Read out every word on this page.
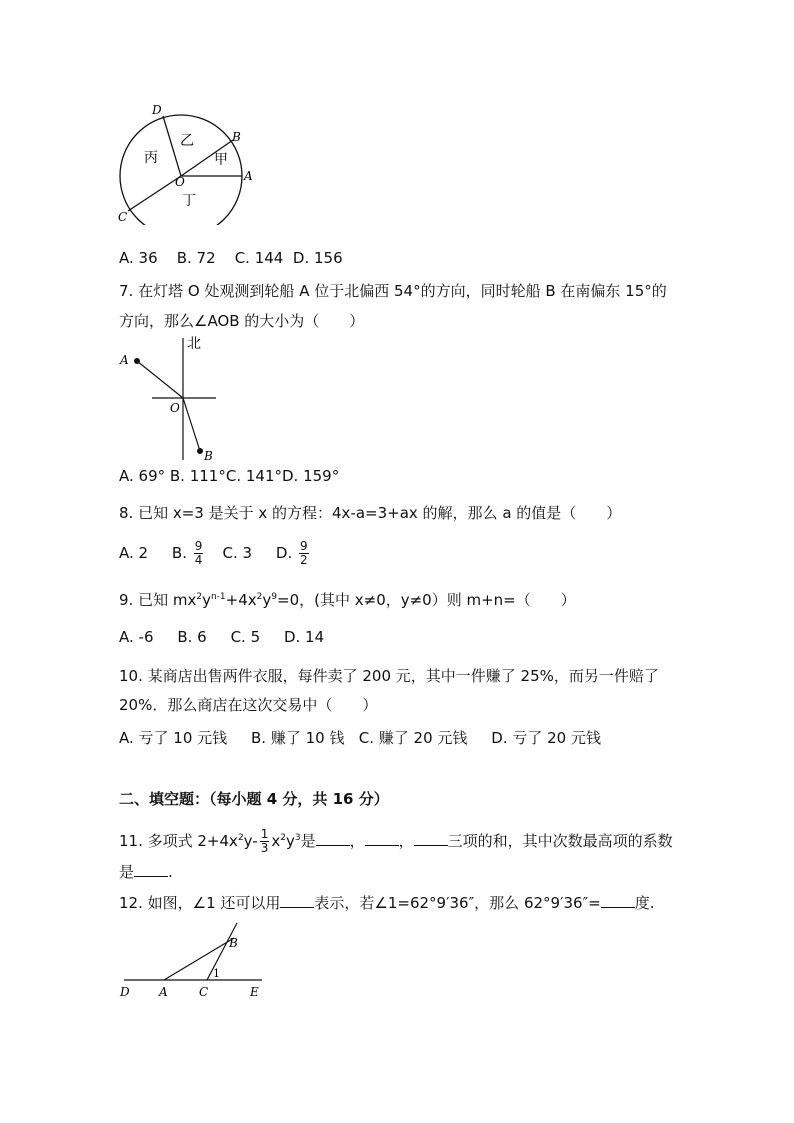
D
B
A
O
C
乙
甲
丙
丁
A. 36 B. 72 C. 144 D. 156
7. 在灯塔 O 处观测到轮船 A 位于北偏西 54°的方向，同时轮船 B 在南偏东 15°的
方向，那么∠AOB 的大小为（　　）
北
A
O
B
A. 69° B. 111°C. 141°D. 159°
8. 已知 x=3 是关于 x 的方程：4x-a=3+ax 的解，那么 a 的值是（　　）
A. 2 B. $\frac{9}{4} C$. 3 D. $\frac{9}{2}$
9. 已知 $mx^2y^{n-1}+4x^2y^9=0$，(其中 x≠0，y≠0）则 m+n=（　　）
A. -6 B. 6 C. 5 D. 14
10. 某商店出售两件衣服，每件卖了 200 元，其中一件赚了 25%，而另一件赔了
20%．那么商店在这次交易中（　　）
A. 亏了 10 元钱 B. 赚了 10 钱 C. 赚了 20 元钱 D. 亏了 20 元钱
二、填空题：（每小题 4 分，共 16 分）
11. 多项式 $2+4x^2y- \frac{1}{3} x^2y^3$是 ， ， 三项的和，其中次数最高项的系数
是 .
12. 如图，∠1 还可以用 表示，若∠1=62°9′36″，那么 62°9′36″= 度.
D A	C	E
B
1
